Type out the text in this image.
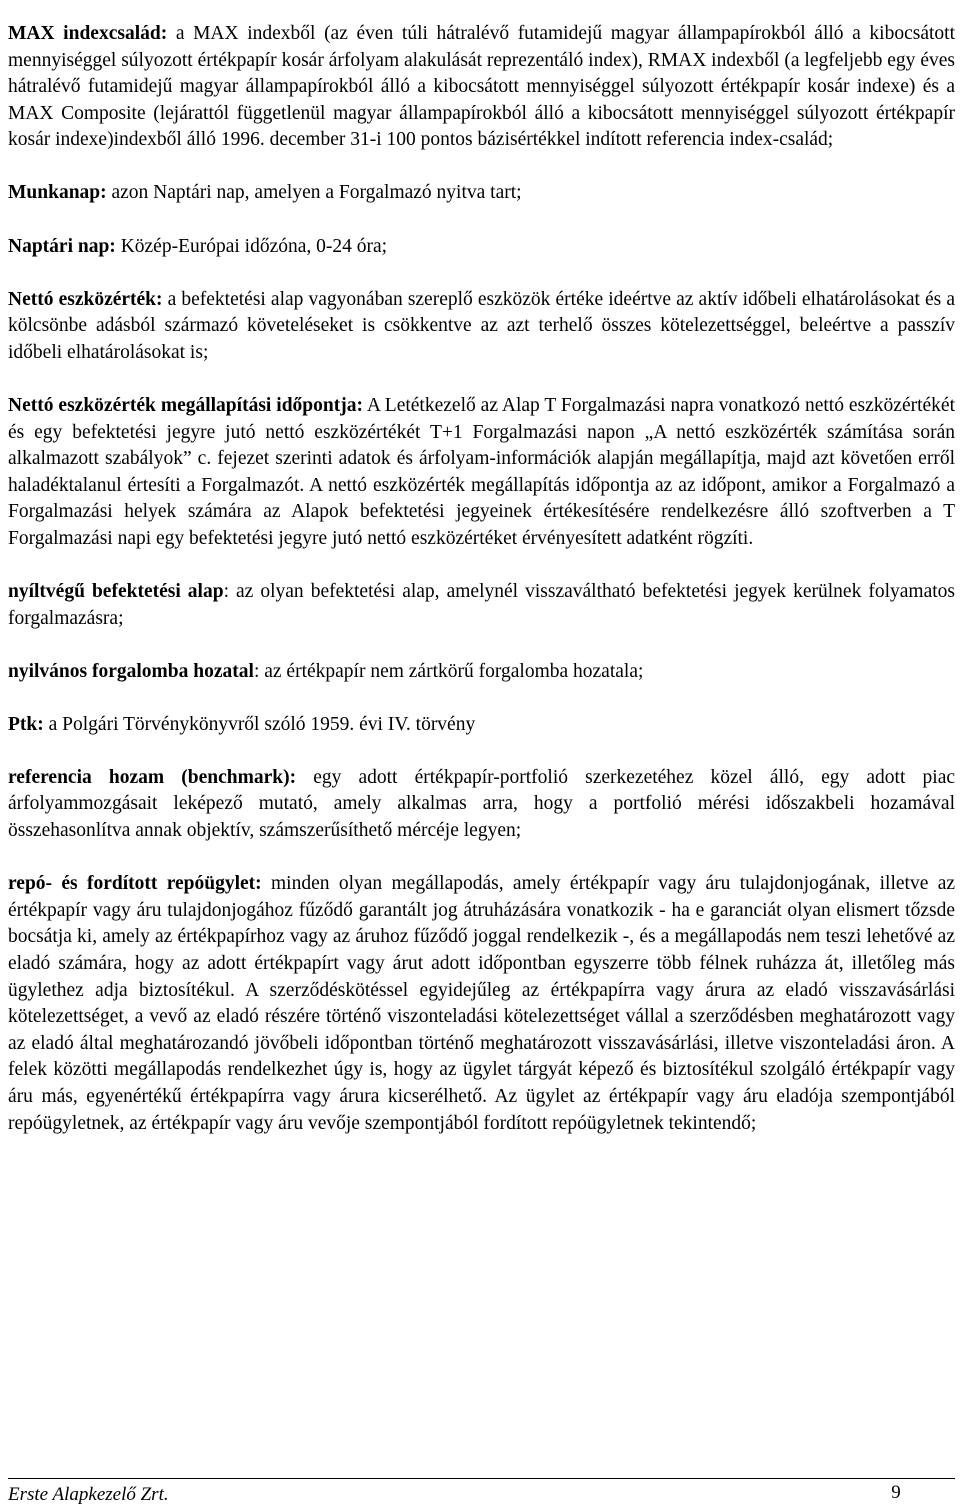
MAX indexcsalád: a MAX indexből (az éven túli hátralévő futamidejű magyar állampapírokból álló a kibocsátott mennyiséggel súlyozott értékpapír kosár árfolyam alakulását reprezentáló index), RMAX indexből (a legfeljebb egy éves hátralévő futamidejű magyar állampapírokból álló a kibocsátott mennyiséggel súlyozott értékpapír kosár indexe) és a MAX Composite (lejárattól függetlenül magyar állampapírokból álló a kibocsátott mennyiséggel súlyozott értékpapír kosár indexe)indexből álló 1996. december 31-i 100 pontos bázisértékkel indított referencia index-család;

Munkanap: azon Naptári nap, amelyen a Forgalmazó nyitva tart;

Naptári nap: Közép-Európai időzóna, 0-24 óra;

Nettó eszközérték: a befektetési alap vagyonában szereplő eszközök értéke ideértve az aktív időbeli elhatárolásokat és a kölcsönbe adásból származó követeléseket is csökkentve az azt terhelő összes kötelezettséggel, beleértve a passzív időbeli elhatárolásokat is;

Nettó eszközérték megállapítási időpontja: A Letétkezelő az Alap T Forgalmazási napra vonatkozó nettó eszközértékét és egy befektetési jegyre jutó nettó eszközértékét T+1 Forgalmazási napon „A nettó eszközérték számítása során alkalmazott szabályok” c. fejezet szerinti adatok és árfolyam-információk alapján megállapítja, majd azt követően erről haladéktalanul értesíti a Forgalmazót. A nettó eszközérték megállapítás időpontja az az időpont, amikor a Forgalmazó a Forgalmazási helyek számára az Alapok befektetési jegyeinek értékesítésére rendelkezésre álló szoftverben a T Forgalmazási napi egy befektetési jegyre jutó nettó eszközértéket érvényesített adatként rögzíti.

nyíltvégű befektetési alap: az olyan befektetési alap, amelynél visszaváltható befektetési jegyek kerülnek folyamatos forgalmazásra;

nyilvános forgalomba hozatal: az értékpapír nem zártkörű forgalomba hozatala;

Ptk: a Polgári Törvénykönyvről szóló 1959. évi IV. törvény

referencia hozam (benchmark): egy adott értékpapír-portfolió szerkezetéhez közel álló, egy adott piac árfolyammozgásait leképező mutató, amely alkalmas arra, hogy a portfolió mérési időszakbeli hozamával összehasonlítva annak objektív, számszerűsíthető mércéje legyen;

repó- és fordított repóügylet: minden olyan megállapodás, amely értékpapír vagy áru tulajdonjogának, illetve az értékpapír vagy áru tulajdonjogához fűződő garantált jog átruházására vonatkozik - ha e garanciát olyan elismert tőzsde bocsátja ki, amely az értékpapírhoz vagy az áruhoz fűződő joggal rendelkezik -, és a megállapodás nem teszi lehetővé az eladó számára, hogy az adott értékpapírt vagy árut adott időpontban egyszerre több félnek ruházza át, illetőleg más ügylethez adja biztosítékul. A szerződéskötéssel egyidejűleg az értékpapírra vagy árura az eladó visszavásárlási kötelezettséget, a vevő az eladó részére történő viszonteladási kötelezettséget vállal a szerződésben meghatározott vagy az eladó által meghatározandó jövőbeli időpontban történő meghatározott visszavásárlási, illetve viszonteladási áron. A felek közötti megállapodás rendelkezhet úgy is, hogy az ügylet tárgyát képező és biztosítékul szolgáló értékpapír vagy áru más, egyenértékű értékpapírra vagy árura kicserélhető. Az ügylet az értékpapír vagy áru eladója szempontjából repóügyletnek, az értékpapír vagy áru vevője szempontjából fordított repóügyletnek tekintendő;

Erste Alapkezelő Zrt.	9
